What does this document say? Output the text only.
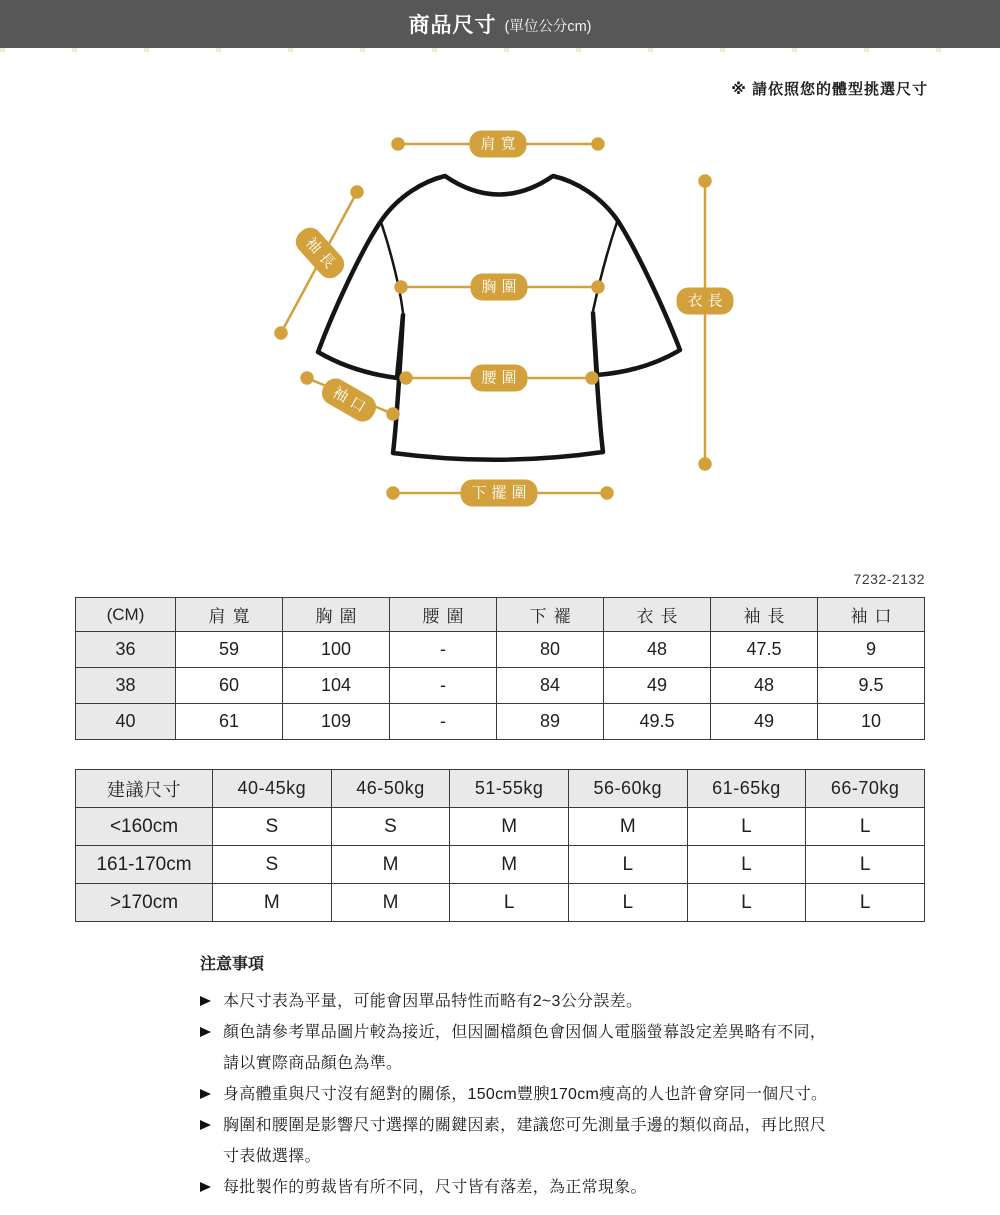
商品尺寸 (單位公分cm)
※ 請依照您的體型挑選尺寸
肩寬
袖長
胸圍
衣長
腰圍
袖口
下擺圍
7232-2132
(CM)	肩寬	胸圍	腰圍	下襬	衣長	袖長	袖口
36	59	100	-	80	48	47.5	9
38	60	104	-	84	49	48	9.5
40	61	109	-	89	49.5	49	10
建議尺寸	40-45kg	46-50kg	51-55kg	56-60kg	61-65kg	66-70kg
<160cm	S	S	M	M	L	L
161-170cm	S	M	M	L	L	L
>170cm	M	M	L	L	L	L
注意事項
本尺寸表為平量，可能會因單品特性而略有2~3公分誤差。
顏色請參考單品圖片較為接近，但因圖檔顏色會因個人電腦螢幕設定差異略有不同，請以實際商品顏色為準。
身高體重與尺寸沒有絕對的關係，150cm豐腴170cm瘦高的人也許會穿同一個尺寸。
胸圍和腰圍是影響尺寸選擇的關鍵因素，建議您可先測量手邊的類似商品，再比照尺寸表做選擇。
每批製作的剪裁皆有所不同，尺寸皆有落差，為正常現象。
